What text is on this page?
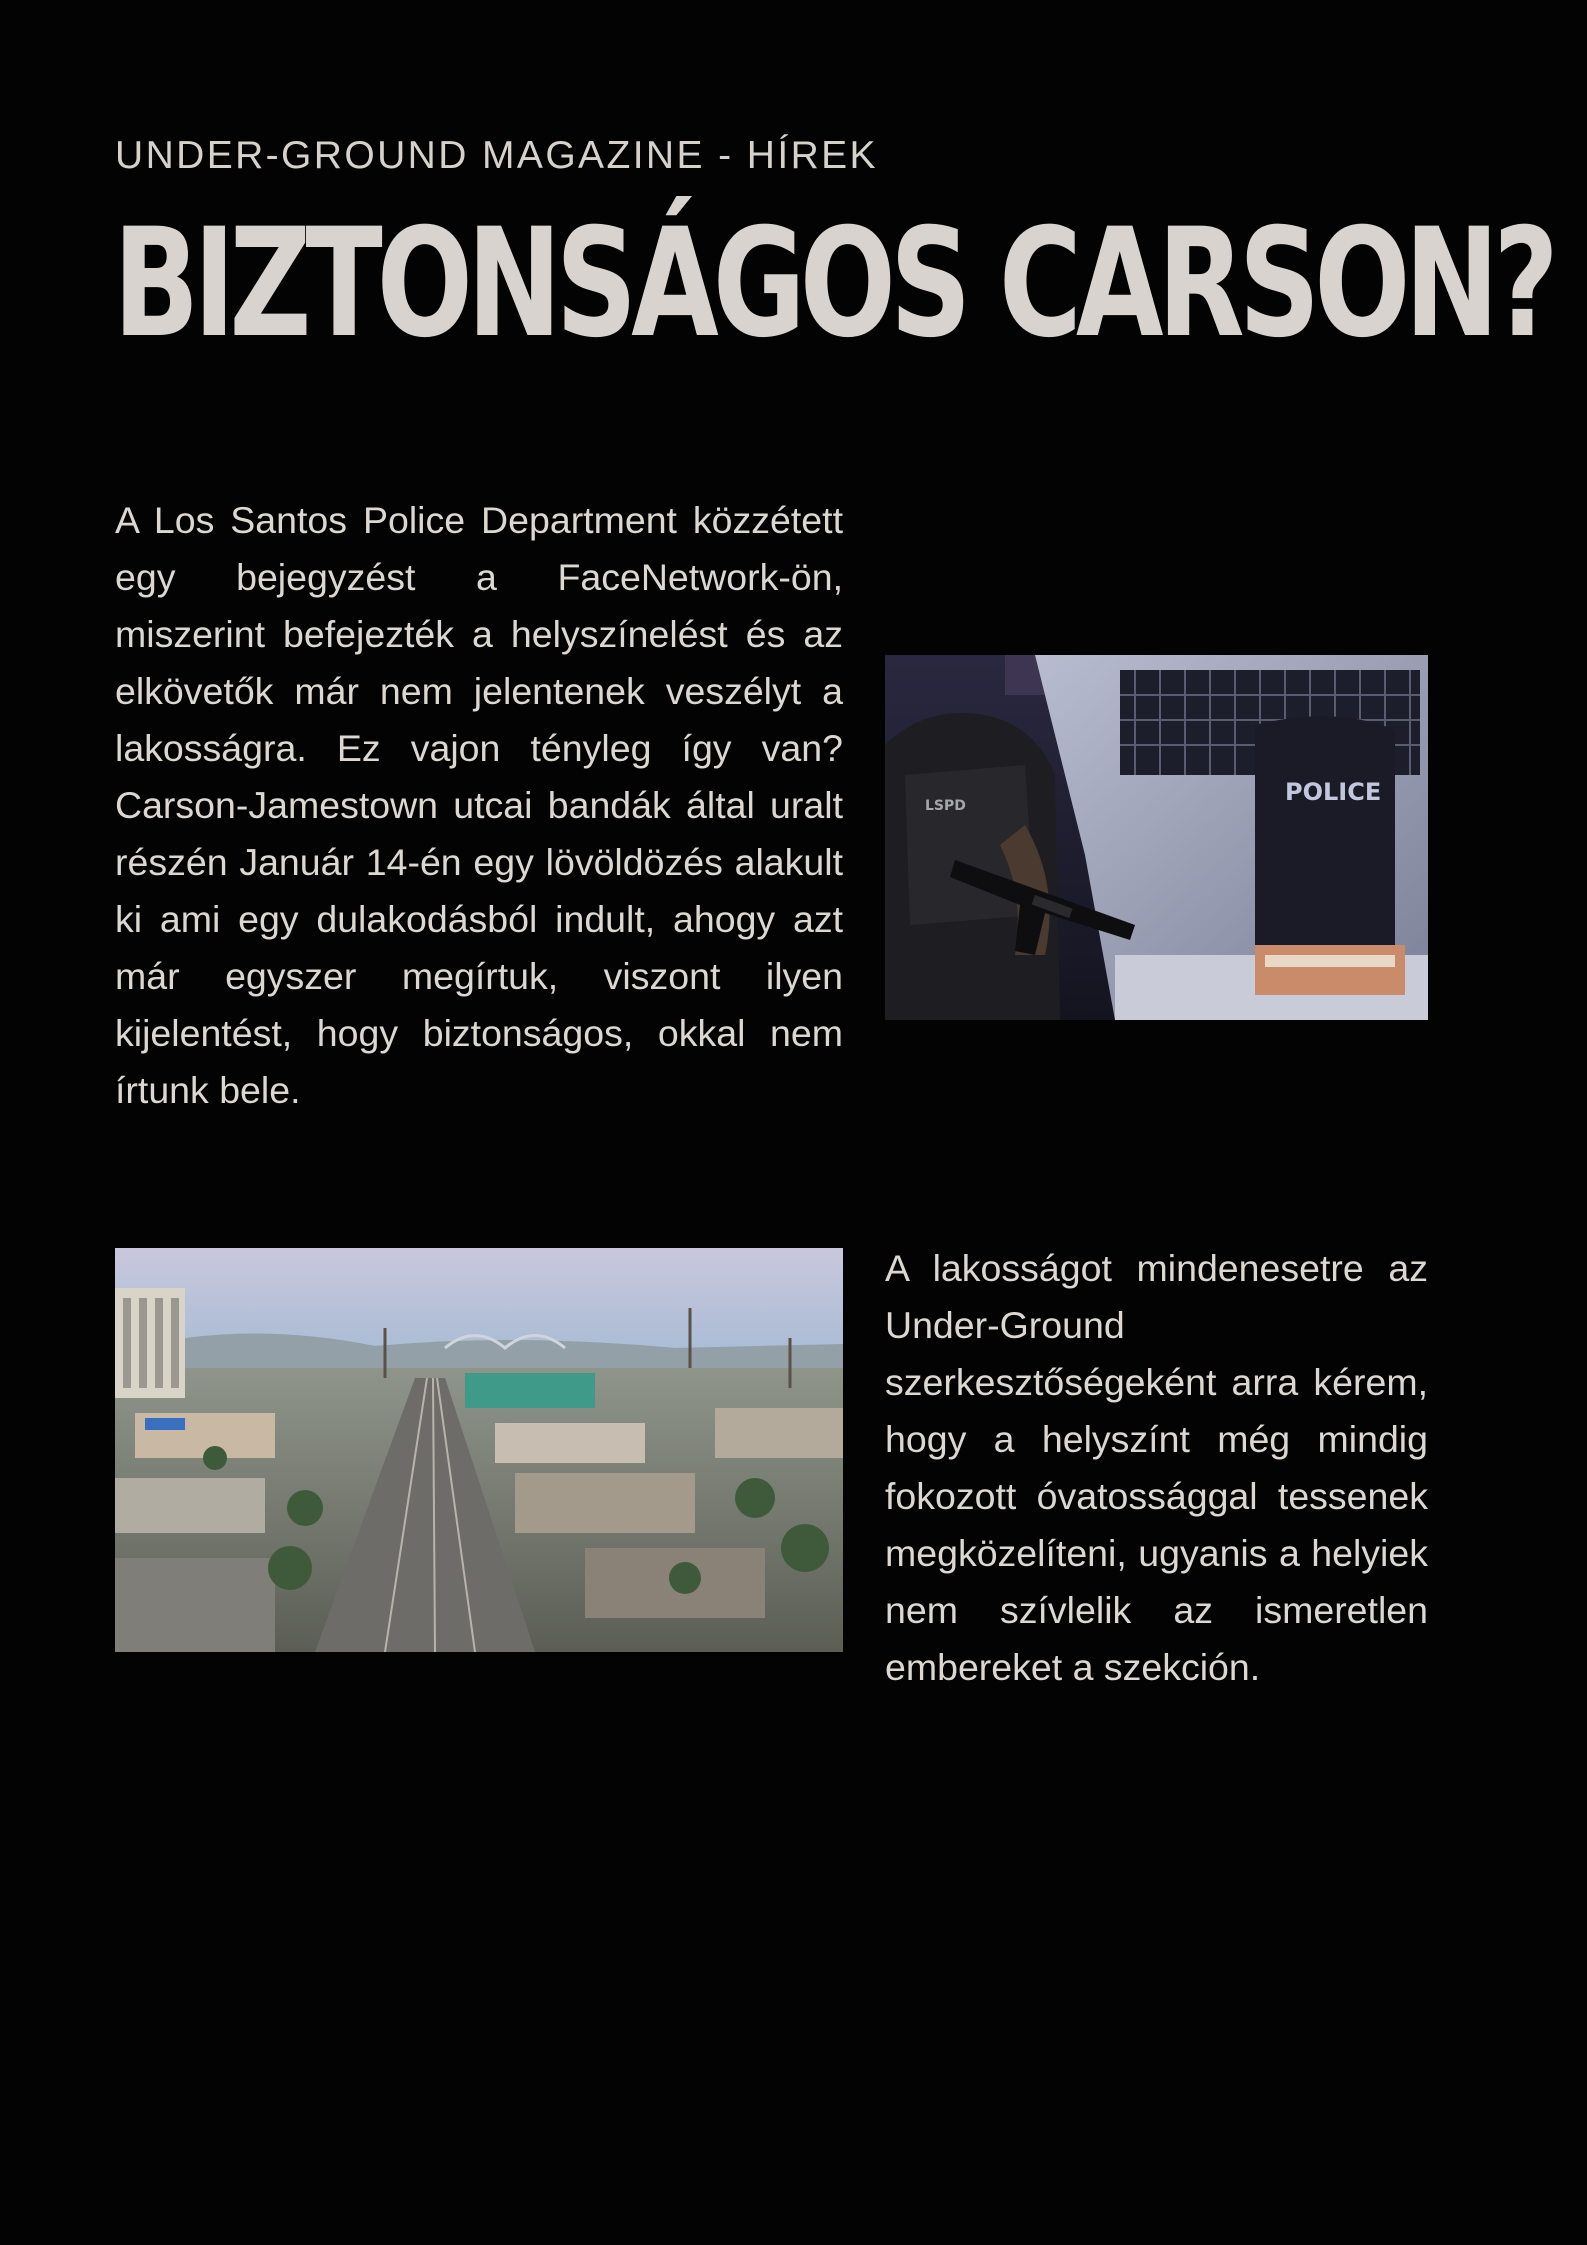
UNDER-GROUND MAGAZINE - HÍREK
BIZTONSÁGOS CARSON?

A Los Santos Police Department közzétett egy bejegyzést a FaceNetwork-ön, miszerint befejezték a helyszínelést és az elkövetők már nem jelentenek veszélyt a lakosságra. Ez vajon tényleg így van? Carson-Jamestown utcai bandák által uralt részén Január 14-én egy lövöldözés alakult ki ami egy dulakodásból indult, ahogy azt már egyszer megírtuk, viszont ilyen kijelentést, hogy biztonságos, okkal nem írtunk bele.

POLICE
LSPD

A lakosságot mindenesetre az Under-Ground szerkesztőségeként arra kérem, hogy a helyszínt még mindig fokozott óvatossággal tessenek megközelíteni, ugyanis a helyiek nem szívlelik az ismeretlen embereket a szekción.
